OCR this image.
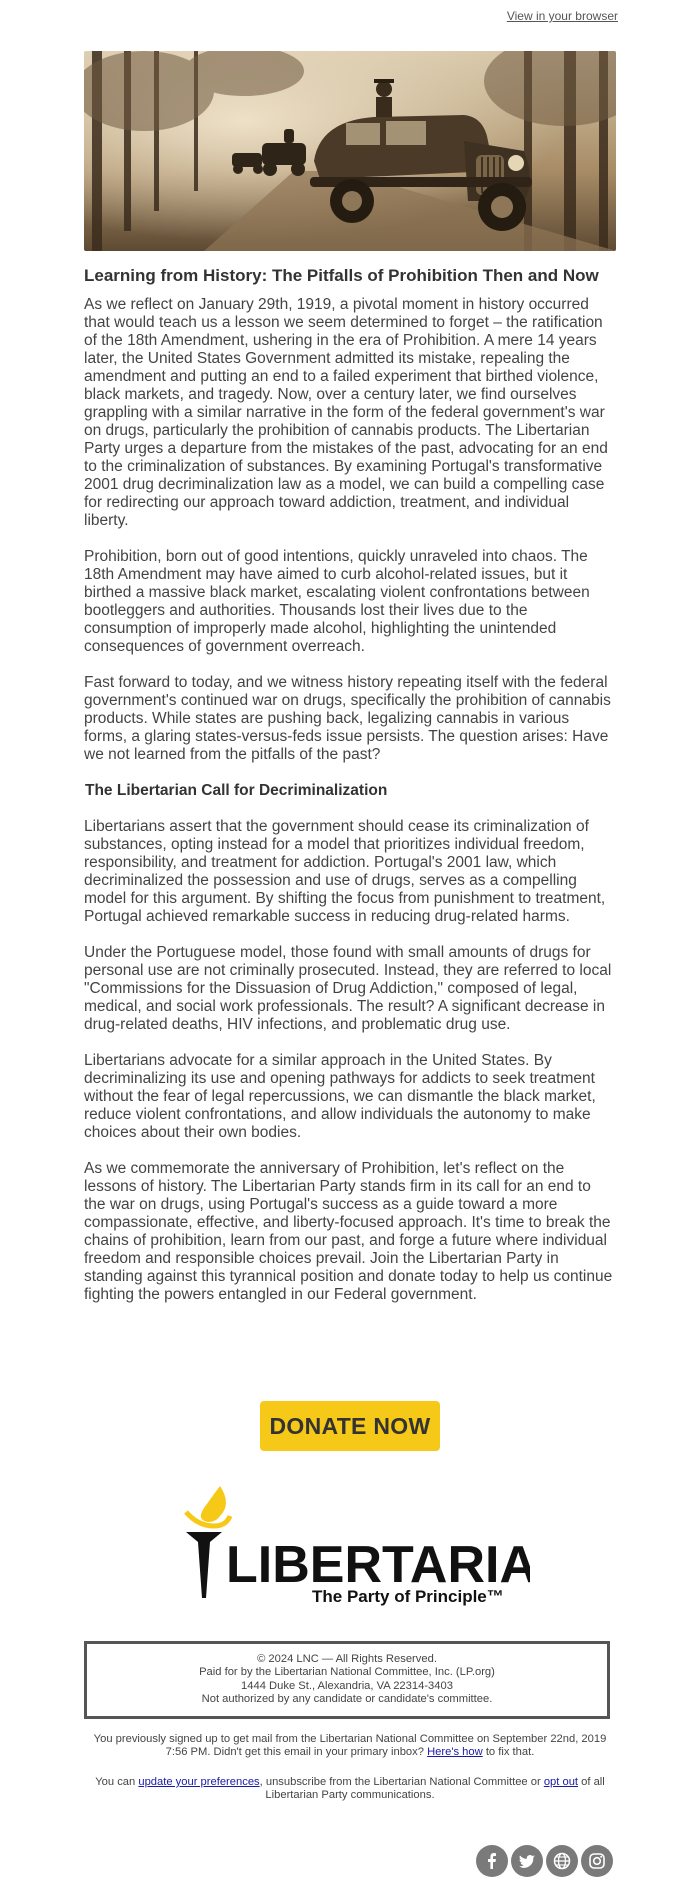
View in your browser
Learning from History: The Pitfalls of Prohibition Then and Now

As we reflect on January 29th, 1919, a pivotal moment in history occurred that would teach us a lesson we seem determined to forget – the ratification of the 18th Amendment, ushering in the era of Prohibition. A mere 14 years later, the United States Government admitted its mistake, repealing the amendment and putting an end to a failed experiment that birthed violence, black markets, and tragedy. Now, over a century later, we find ourselves grappling with a similar narrative in the form of the federal government's war on drugs, particularly the prohibition of cannabis products. The Libertarian Party urges a departure from the mistakes of the past, advocating for an end to the criminalization of substances. By examining Portugal's transformative 2001 drug decriminalization law as a model, we can build a compelling case for redirecting our approach toward addiction, treatment, and individual liberty.

Prohibition, born out of good intentions, quickly unraveled into chaos. The 18th Amendment may have aimed to curb alcohol-related issues, but it birthed a massive black market, escalating violent confrontations between bootleggers and authorities. Thousands lost their lives due to the consumption of improperly made alcohol, highlighting the unintended consequences of government overreach.

Fast forward to today, and we witness history repeating itself with the federal government's continued war on drugs, specifically the prohibition of cannabis products. While states are pushing back, legalizing cannabis in various forms, a glaring states-versus-feds issue persists. The question arises: Have we not learned from the pitfalls of the past?

The Libertarian Call for Decriminalization

Libertarians assert that the government should cease its criminalization of substances, opting instead for a model that prioritizes individual freedom, responsibility, and treatment for addiction. Portugal's 2001 law, which decriminalized the possession and use of drugs, serves as a compelling model for this argument. By shifting the focus from punishment to treatment, Portugal achieved remarkable success in reducing drug-related harms.

Under the Portuguese model, those found with small amounts of drugs for personal use are not criminally prosecuted. Instead, they are referred to local "Commissions for the Dissuasion of Drug Addiction," composed of legal, medical, and social work professionals. The result? A significant decrease in drug-related deaths, HIV infections, and problematic drug use.

Libertarians advocate for a similar approach in the United States. By decriminalizing its use and opening pathways for addicts to seek treatment without the fear of legal repercussions, we can dismantle the black market, reduce violent confrontations, and allow individuals the autonomy to make choices about their own bodies.

As we commemorate the anniversary of Prohibition, let's reflect on the lessons of history. The Libertarian Party stands firm in its call for an end to the war on drugs, using Portugal's success as a guide toward a more compassionate, effective, and liberty-focused approach. It's time to break the chains of prohibition, learn from our past, and forge a future where individual freedom and responsible choices prevail. Join the Libertarian Party in standing against this tyrannical position and donate today to help us continue fighting the powers entangled in our Federal government.

DONATE NOW
LIBERTARIA
The Party of Principle™
© 2024 LNC — All Rights Reserved.
Paid for by the Libertarian National Committee, Inc. (LP.org)
1444 Duke St., Alexandria, VA 22314-3403
Not authorized by any candidate or candidate's committee.
You previously signed up to get mail from the Libertarian National Committee on September 22nd, 2019 7:56 PM. Didn't get this email in your primary inbox? Here's how to fix that.
You can update your preferences, unsubscribe from the Libertarian National Committee or opt out of all Libertarian Party communications.
